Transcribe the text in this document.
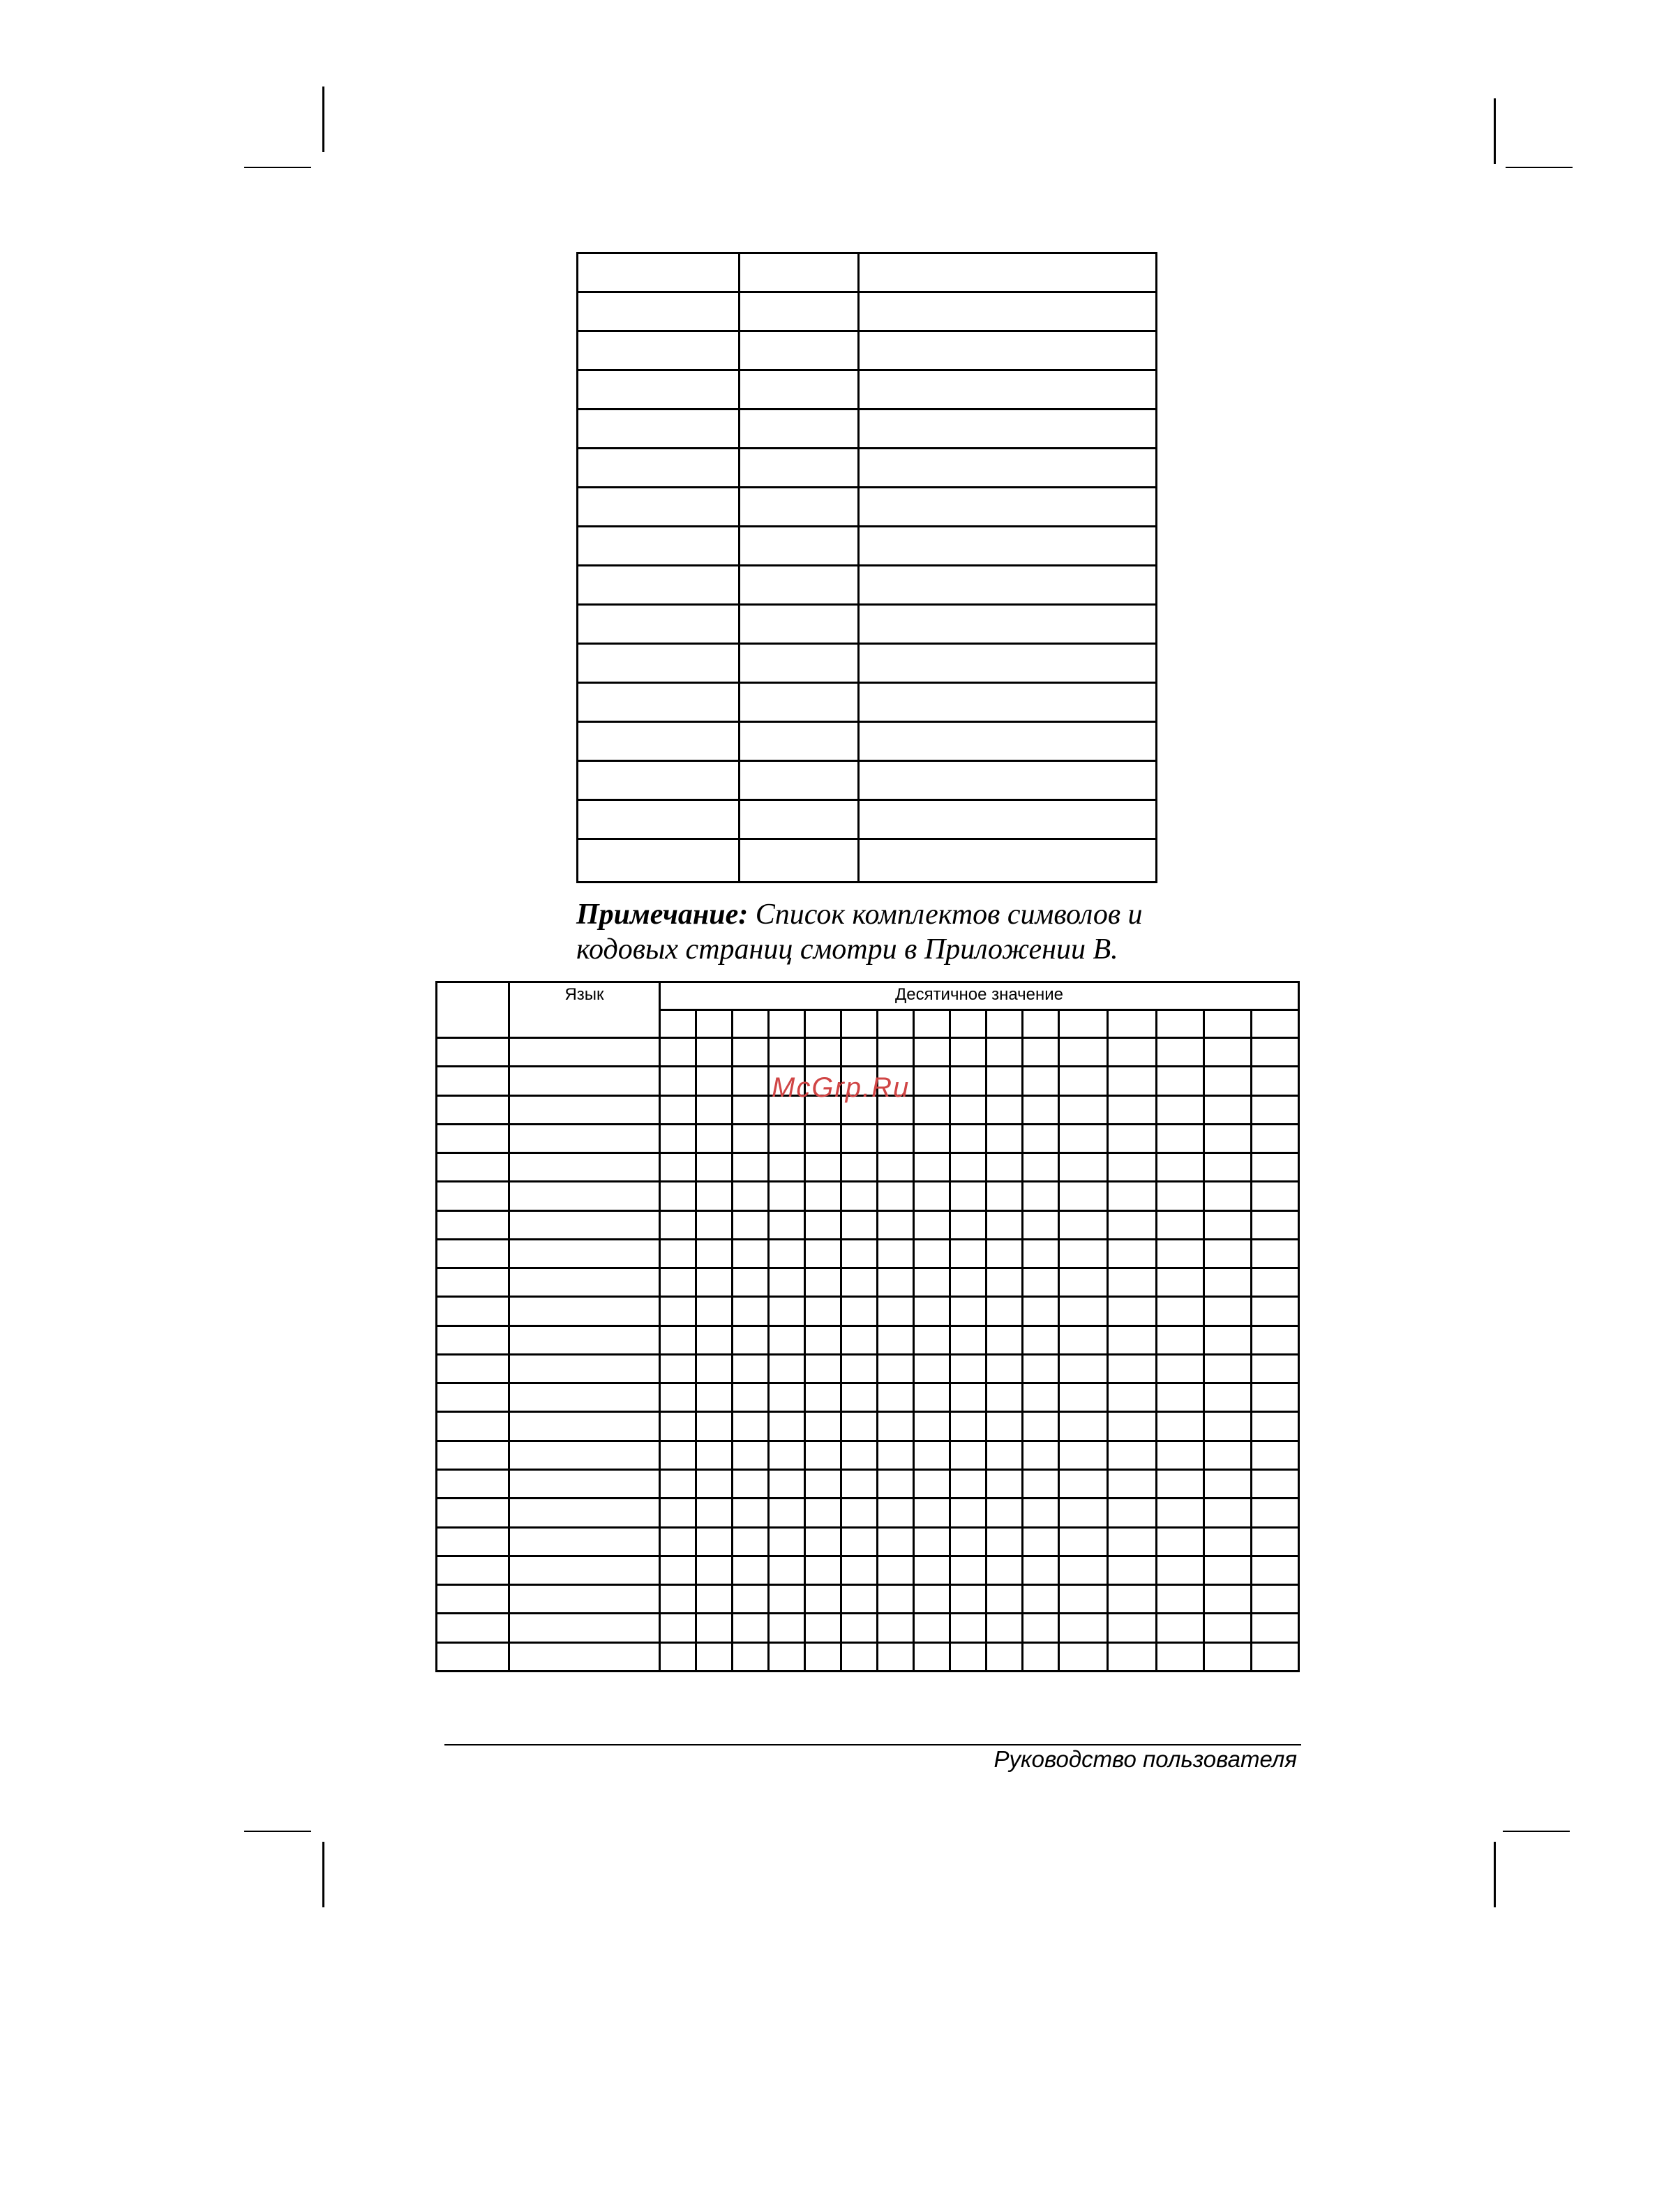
Примечание: Список комплектов символов и
кодовых страниц смотри в Приложении B.
	Язык	Десятичное значение															

McGrp.Ru
Руководство пользователя
